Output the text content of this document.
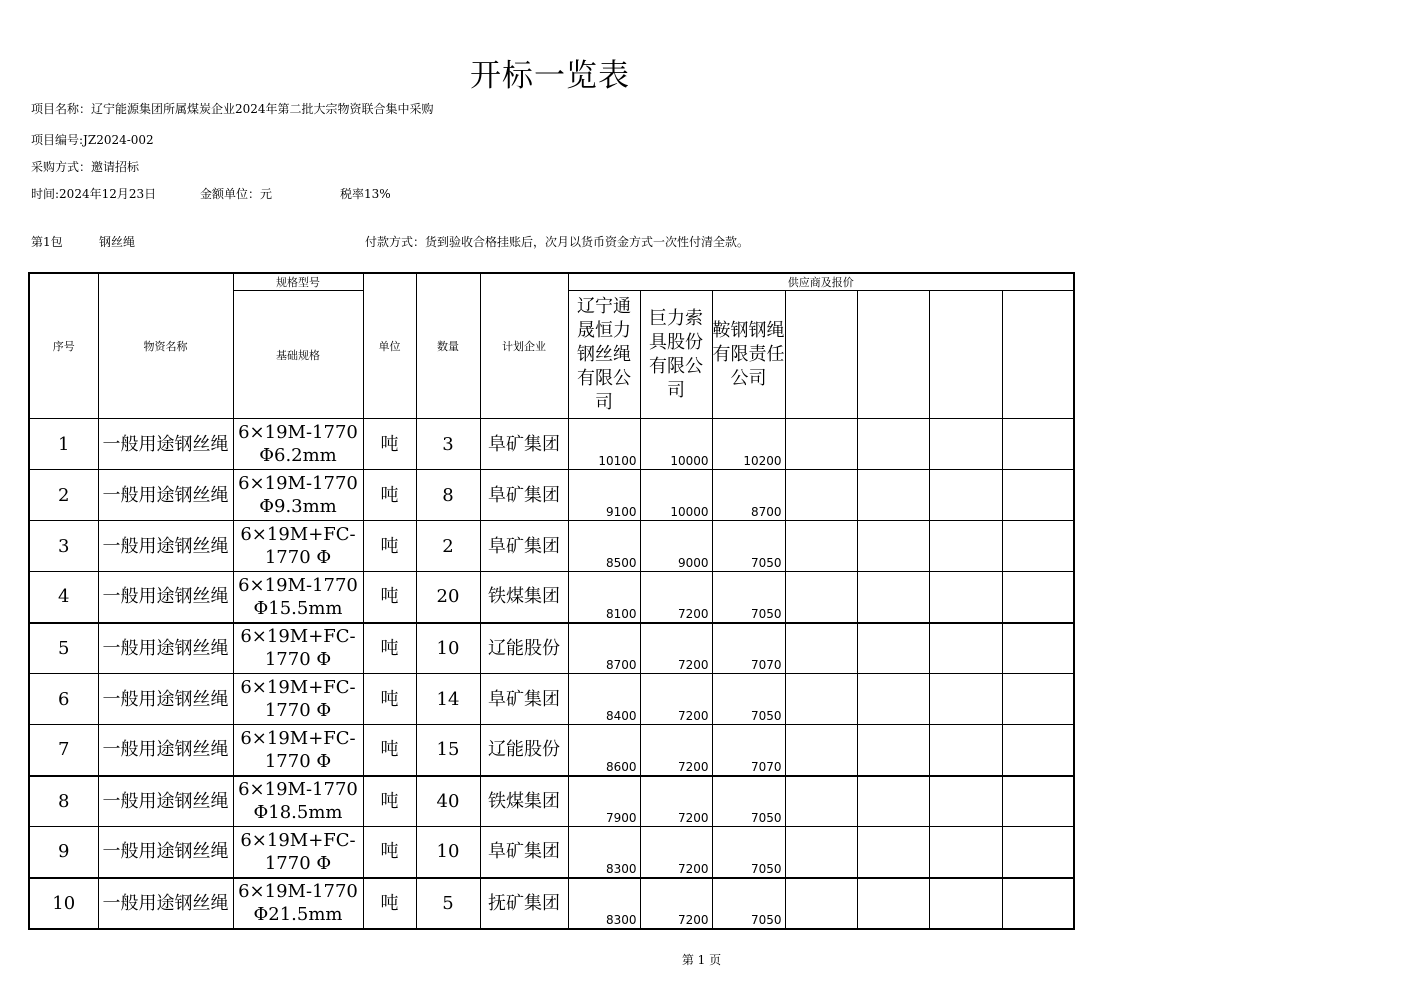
开标一览表
项目名称：辽宁能源集团所属煤炭企业2024年第二批大宗物资联合集中采购
项目编号:JZ2024-002
采购方式：邀请招标
时间:2024年12月23日	金额单位：元	税率13%
第1包	钢丝绳	付款方式：货到验收合格挂账后，次月以货币资金方式一次性付清全款。
序号	物资名称	规格型号	单位	数量	计划企业	供应商及报价						
		基础规格				辽宁通晟恒力钢丝绳有限公司	巨力索具股份有限公司	鞍钢钢绳有限责任公司				
1	一般用途钢丝绳	6×19M-1770 Φ6.2mm	吨	3	阜矿集团	10100	10000	10200				
2	一般用途钢丝绳	6×19M-1770 Φ9.3mm	吨	8	阜矿集团	9100	10000	8700				
3	一般用途钢丝绳	6×19M+FC-1770 Φ	吨	2	阜矿集团	8500	9000	7050				
4	一般用途钢丝绳	6×19M-1770 Φ15.5mm	吨	20	铁煤集团	8100	7200	7050				
5	一般用途钢丝绳	6×19M+FC-1770 Φ	吨	10	辽能股份	8700	7200	7070				
6	一般用途钢丝绳	6×19M+FC-1770 Φ	吨	14	阜矿集团	8400	7200	7050				
7	一般用途钢丝绳	6×19M+FC-1770 Φ	吨	15	辽能股份	8600	7200	7070				
8	一般用途钢丝绳	6×19M-1770 Φ18.5mm	吨	40	铁煤集团	7900	7200	7050				
9	一般用途钢丝绳	6×19M+FC-1770 Φ	吨	10	阜矿集团	8300	7200	7050				
10	一般用途钢丝绳	6×19M-1770 Φ21.5mm	吨	5	抚矿集团	8300	7200	7050				
第 1 页
